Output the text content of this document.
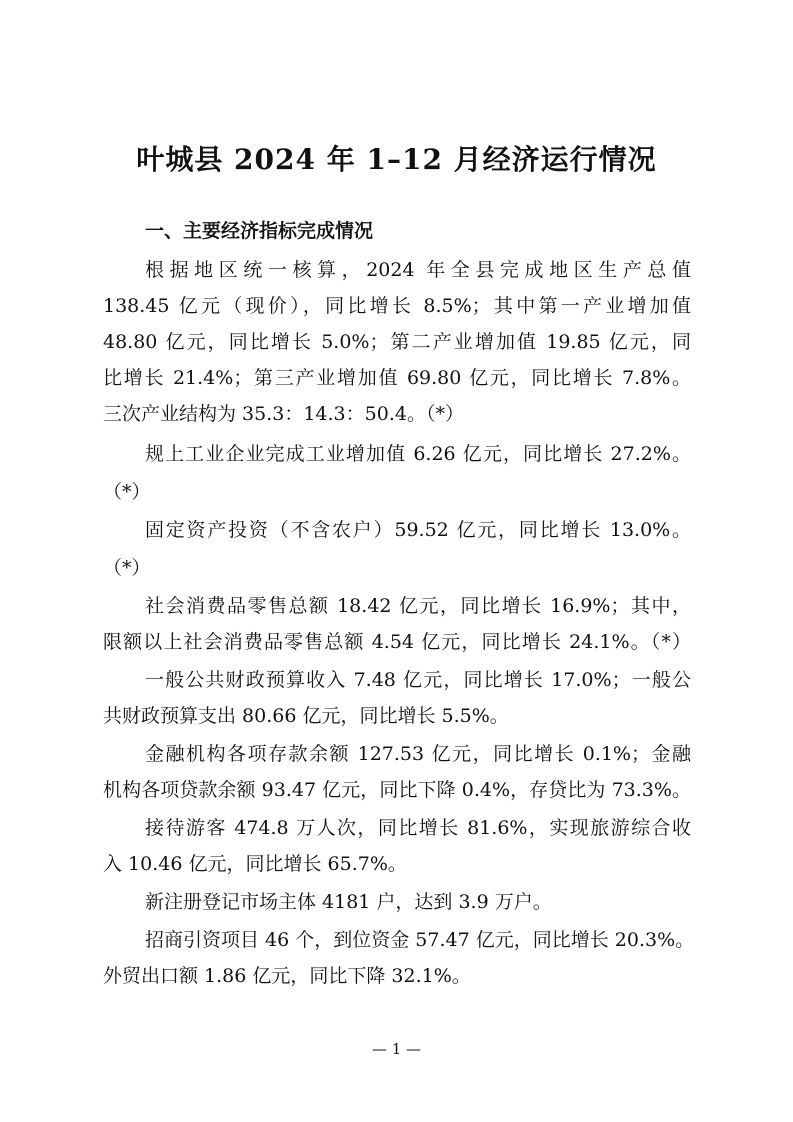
叶城县 2024 年 1–12 月经济运行情况
一、主要经济指标完成情况
根据地区统一核算，2024 年全县完成地区生产总值
138.45 亿元（现价），同比增长 8.5%；其中第一产业增加值
48.80 亿元，同比增长 5.0%；第二产业增加值 19.85 亿元，同
比增长 21.4%；第三产业增加值 69.80 亿元，同比增长 7.8%。
三次产业结构为 35.3：14.3：50.4。（*）
规上工业企业完成工业增加值 6.26 亿元，同比增长 27.2%。
（*）
固定资产投资（不含农户）59.52 亿元，同比增长 13.0%。
（*）
社会消费品零售总额 18.42 亿元，同比增长 16.9%；其中，
限额以上社会消费品零售总额 4.54 亿元，同比增长 24.1%。（*）
一般公共财政预算收入 7.48 亿元，同比增长 17.0%；一般公
共财政预算支出 80.66 亿元，同比增长 5.5%。
金融机构各项存款余额 127.53 亿元，同比增长 0.1%；金融
机构各项贷款余额 93.47 亿元，同比下降 0.4%，存贷比为 73.3%。
接待游客 474.8 万人次，同比增长 81.6%，实现旅游综合收
入 10.46 亿元，同比增长 65.7%。
新注册登记市场主体 4181 户，达到 3.9 万户。
招商引资项目 46 个，到位资金 57.47 亿元，同比增长 20.3%。
外贸出口额 1.86 亿元，同比下降 32.1%。
— 1 —
